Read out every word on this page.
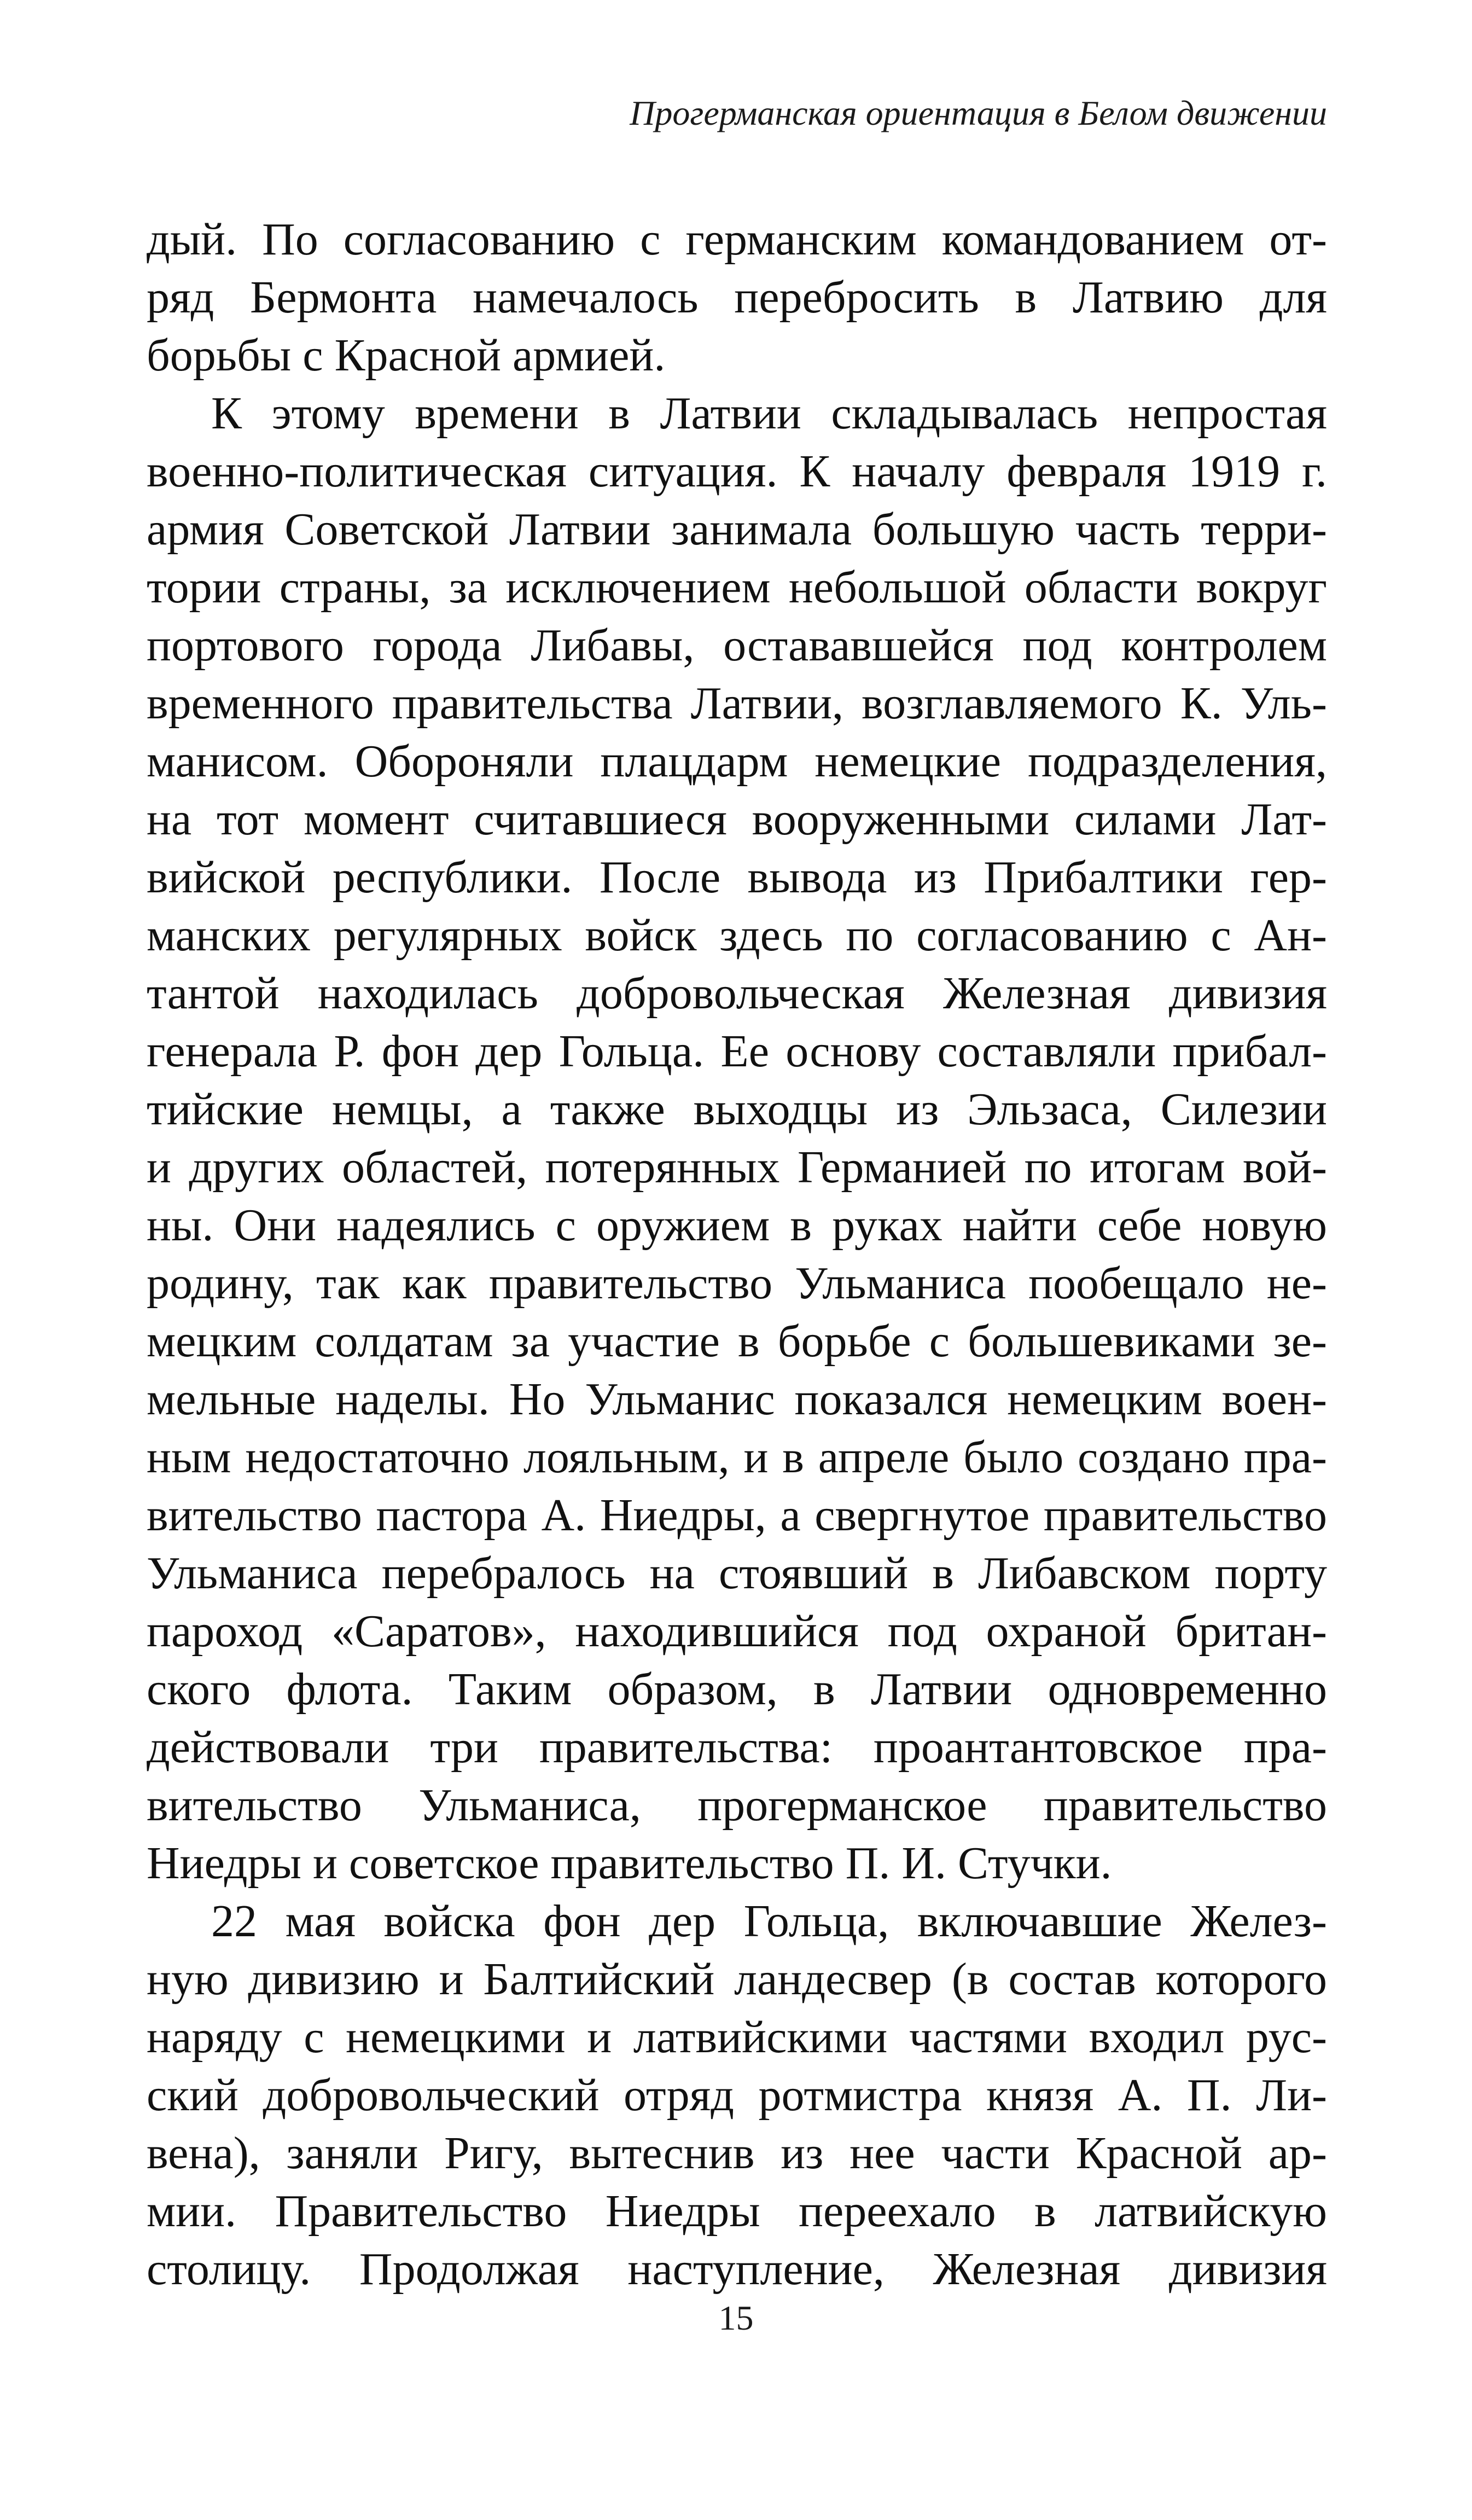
Прогерманская ориентация в Белом движении
дый. По согласованию с германским командованием от-
ряд Бермонта намечалось перебросить в Латвию для
борьбы с Красной армией.
К этому времени в Латвии складывалась непростая
военно-политическая ситуация. К началу февраля 1919 г.
армия Советской Латвии занимала большую часть терри-
тории страны, за исключением небольшой области вокруг
портового города Либавы, остававшейся под контролем
временного правительства Латвии, возглавляемого К. Уль-
манисом. Обороняли плацдарм немецкие подразделения,
на тот момент считавшиеся вооруженными силами Лат-
вийской республики. После вывода из Прибалтики гер-
манских регулярных войск здесь по согласованию с Ан-
тантой находилась добровольческая Железная дивизия
генерала Р. фон дер Гольца. Ее основу составляли прибал-
тийские немцы, а также выходцы из Эльзаса, Силезии
и других областей, потерянных Германией по итогам вой-
ны. Они надеялись с оружием в руках найти себе новую
родину, так как правительство Ульманиса пообещало не-
мецким солдатам за участие в борьбе с большевиками зе-
мельные наделы. Но Ульманис показался немецким воен-
ным недостаточно лояльным, и в апреле было создано пра-
вительство пастора А. Ниедры, а свергнутое правительство
Ульманиса перебралось на стоявший в Либавском порту
пароход «Саратов», находившийся под охраной британ-
ского флота. Таким образом, в Латвии одновременно
действовали три правительства: проантантовское пра-
вительство Ульманиса, прогерманское правительство
Ниедры и советское правительство П. И. Стучки.
22 мая войска фон дер Гольца, включавшие Желез-
ную дивизию и Балтийский ландесвер (в состав которого
наряду с немецкими и латвийскими частями входил рус-
ский добровольческий отряд ротмистра князя А. П. Ли-
вена), заняли Ригу, вытеснив из нее части Красной ар-
мии. Правительство Ниедры переехало в латвийскую
столицу. Продолжая наступление, Железная дивизия
15
